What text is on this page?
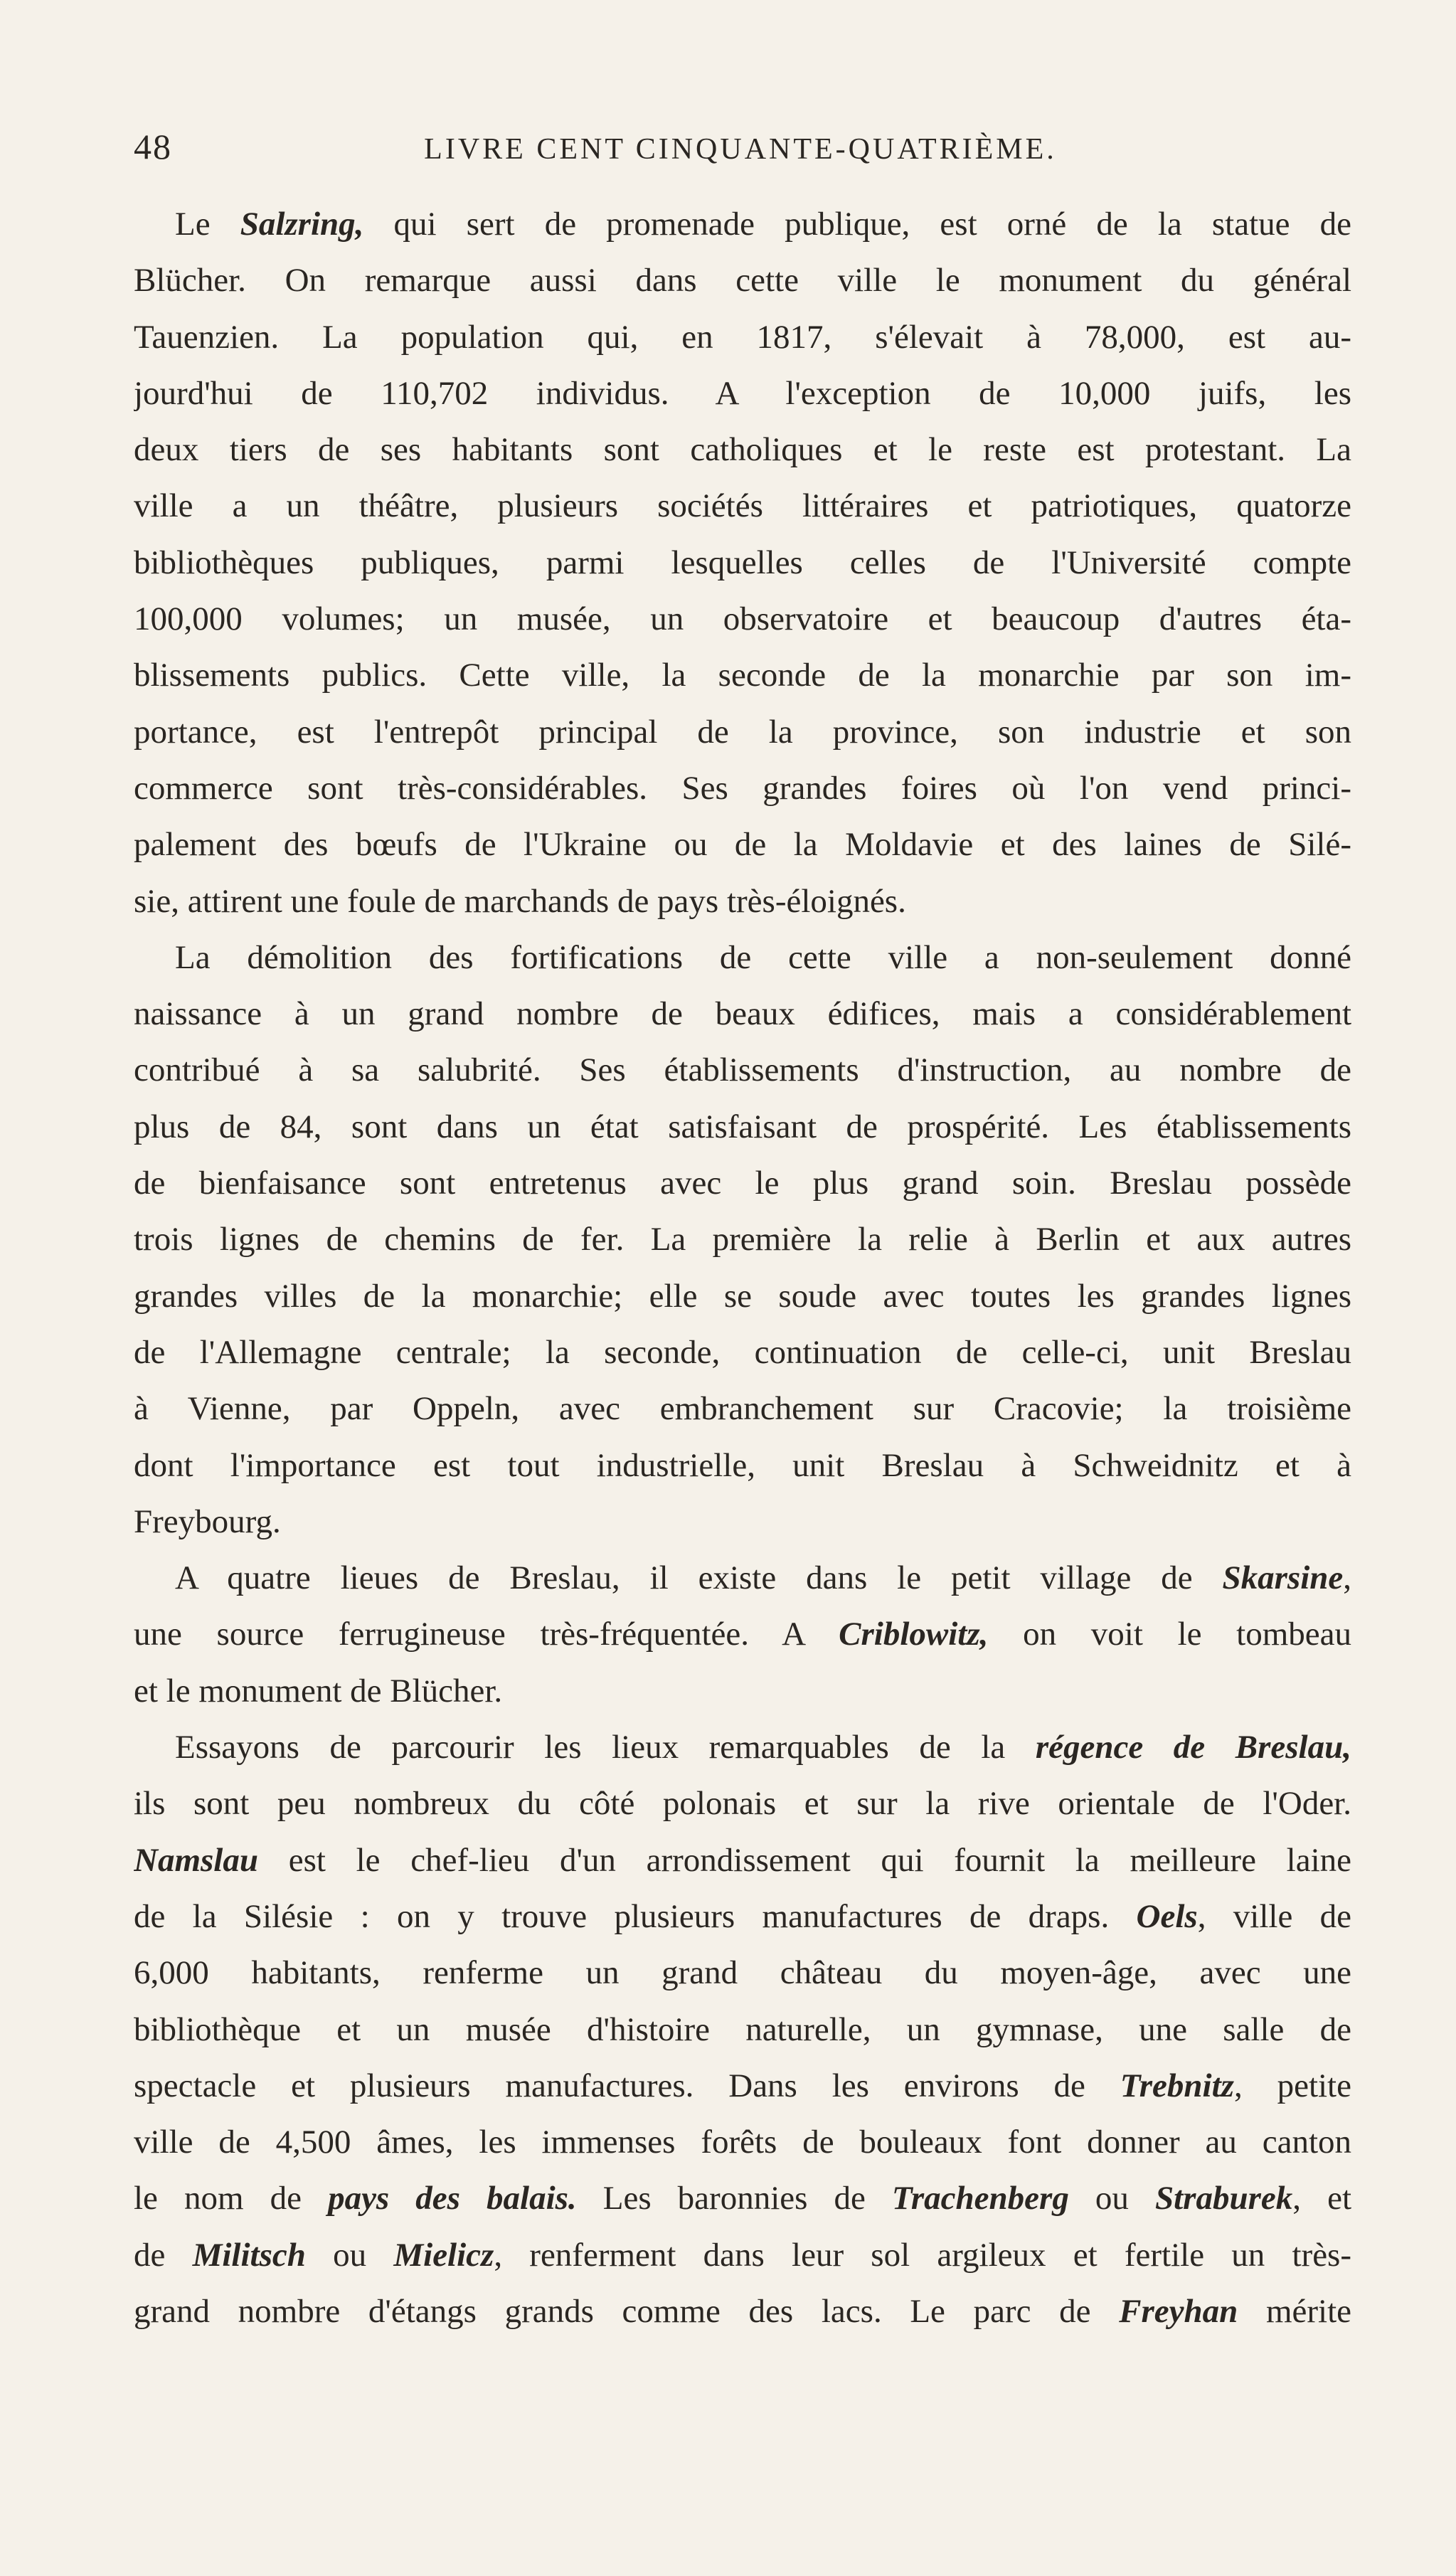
48	LIVRE CENT CINQUANTE-QUATRIÈME.
Le Salzring, qui sert de promenade publique, est orné de la statue de
Blücher. On remarque aussi dans cette ville le monument du général
Tauenzien. La population qui, en 1817, s'élevait à 78,000, est au-
jourd'hui de 110,702 individus. A l'exception de 10,000 juifs, les
deux tiers de ses habitants sont catholiques et le reste est protestant. La
ville a un théâtre, plusieurs sociétés littéraires et patriotiques, quatorze
bibliothèques publiques, parmi lesquelles celles de l'Université compte
100,000 volumes; un musée, un observatoire et beaucoup d'autres éta-
blissements publics. Cette ville, la seconde de la monarchie par son im-
portance, est l'entrepôt principal de la province, son industrie et son
commerce sont très-considérables. Ses grandes foires où l'on vend princi-
palement des bœufs de l'Ukraine ou de la Moldavie et des laines de Silé-
sie, attirent une foule de marchands de pays très-éloignés.
La démolition des fortifications de cette ville a non-seulement donné
naissance à un grand nombre de beaux édifices, mais a considérablement
contribué à sa salubrité. Ses établissements d'instruction, au nombre de
plus de 84, sont dans un état satisfaisant de prospérité. Les établissements
de bienfaisance sont entretenus avec le plus grand soin. Breslau possède
trois lignes de chemins de fer. La première la relie à Berlin et aux autres
grandes villes de la monarchie; elle se soude avec toutes les grandes lignes
de l'Allemagne centrale; la seconde, continuation de celle-ci, unit Breslau
à Vienne, par Oppeln, avec embranchement sur Cracovie; la troisième
dont l'importance est tout industrielle, unit Breslau à Schweidnitz et à
Freybourg.
A quatre lieues de Breslau, il existe dans le petit village de Skarsine,
une source ferrugineuse très-fréquentée. A Criblowitz, on voit le tombeau
et le monument de Blücher.
Essayons de parcourir les lieux remarquables de la régence de Breslau,
ils sont peu nombreux du côté polonais et sur la rive orientale de l'Oder.
Namslau est le chef-lieu d'un arrondissement qui fournit la meilleure laine
de la Silésie : on y trouve plusieurs manufactures de draps. Oels, ville de
6,000 habitants, renferme un grand château du moyen-âge, avec une
bibliothèque et un musée d'histoire naturelle, un gymnase, une salle de
spectacle et plusieurs manufactures. Dans les environs de Trebnitz, petite
ville de 4,500 âmes, les immenses forêts de bouleaux font donner au canton
le nom de pays des balais. Les baronnies de Trachenberg ou Straburek, et
de Militsch ou Mielicz, renferment dans leur sol argileux et fertile un très-
grand nombre d'étangs grands comme des lacs. Le parc de Freyhan mérite
